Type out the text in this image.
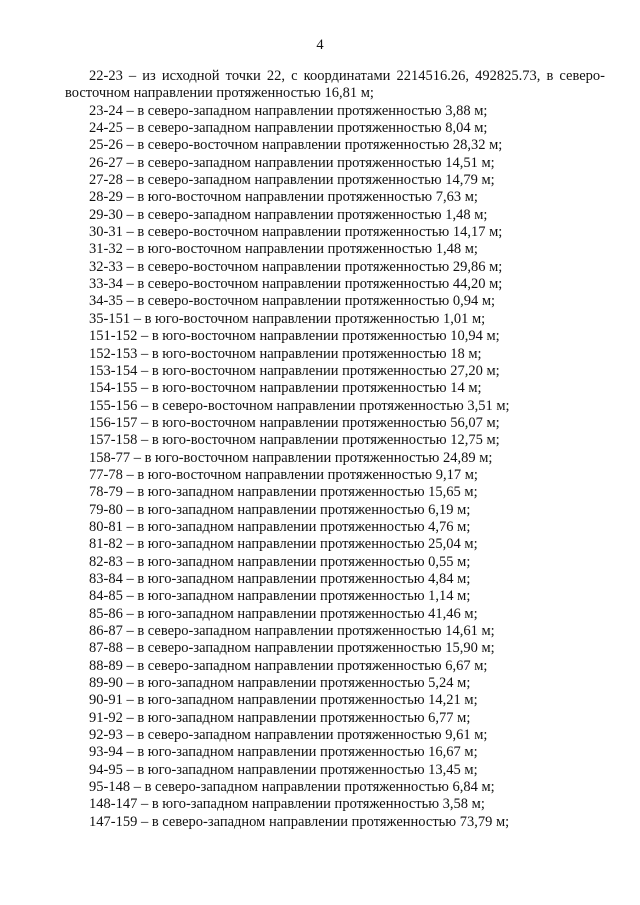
4

22-23 – из исходной точки 22, с координатами 2214516.26, 492825.73, в северо-восточном направлении протяженностью 16,81 м;

23-24 – в северо-западном направлении протяженностью 3,88 м;
24-25 – в северо-западном направлении протяженностью 8,04 м;
25-26 – в северо-восточном направлении протяженностью 28,32 м;
26-27 – в северо-западном направлении протяженностью 14,51 м;
27-28 – в северо-западном направлении протяженностью 14,79 м;
28-29 – в юго-восточном направлении протяженностью 7,63 м;
29-30 – в северо-западном направлении протяженностью 1,48 м;
30-31 – в северо-восточном направлении протяженностью 14,17 м;
31-32 – в юго-восточном направлении протяженностью 1,48 м;
32-33 – в северо-восточном направлении протяженностью 29,86 м;
33-34 – в северо-восточном направлении протяженностью 44,20 м;
34-35 – в северо-восточном направлении протяженностью 0,94 м;
35-151 – в юго-восточном направлении протяженностью 1,01 м;
151-152 – в юго-восточном направлении протяженностью 10,94 м;
152-153 – в юго-восточном направлении протяженностью 18 м;
153-154 – в юго-восточном направлении протяженностью 27,20 м;
154-155 – в юго-восточном направлении протяженностью 14 м;
155-156 – в северо-восточном направлении протяженностью 3,51 м;
156-157 – в юго-восточном направлении протяженностью 56,07 м;
157-158 – в юго-восточном направлении протяженностью 12,75 м;
158-77 – в юго-восточном направлении протяженностью 24,89 м;
77-78 – в юго-восточном направлении протяженностью 9,17 м;
78-79 – в юго-западном направлении протяженностью 15,65 м;
79-80 – в юго-западном направлении протяженностью 6,19 м;
80-81 – в юго-западном направлении протяженностью 4,76 м;
81-82 – в юго-западном направлении протяженностью 25,04 м;
82-83 – в юго-западном направлении протяженностью 0,55 м;
83-84 – в юго-западном направлении протяженностью 4,84 м;
84-85 – в юго-западном направлении протяженностью 1,14 м;
85-86 – в юго-западном направлении протяженностью 41,46 м;
86-87 – в северо-западном направлении протяженностью 14,61 м;
87-88 – в северо-западном направлении протяженностью 15,90 м;
88-89 – в северо-западном направлении протяженностью 6,67 м;
89-90 – в юго-западном направлении протяженностью 5,24 м;
90-91 – в юго-западном направлении протяженностью 14,21 м;
91-92 – в юго-западном направлении протяженностью 6,77 м;
92-93 – в северо-западном направлении протяженностью 9,61 м;
93-94 – в юго-западном направлении протяженностью 16,67 м;
94-95 – в юго-западном направлении протяженностью 13,45 м;
95-148 – в северо-западном направлении протяженностью 6,84 м;
148-147 – в юго-западном направлении протяженностью 3,58 м;
147-159 – в северо-западном направлении протяженностью 73,79 м;
